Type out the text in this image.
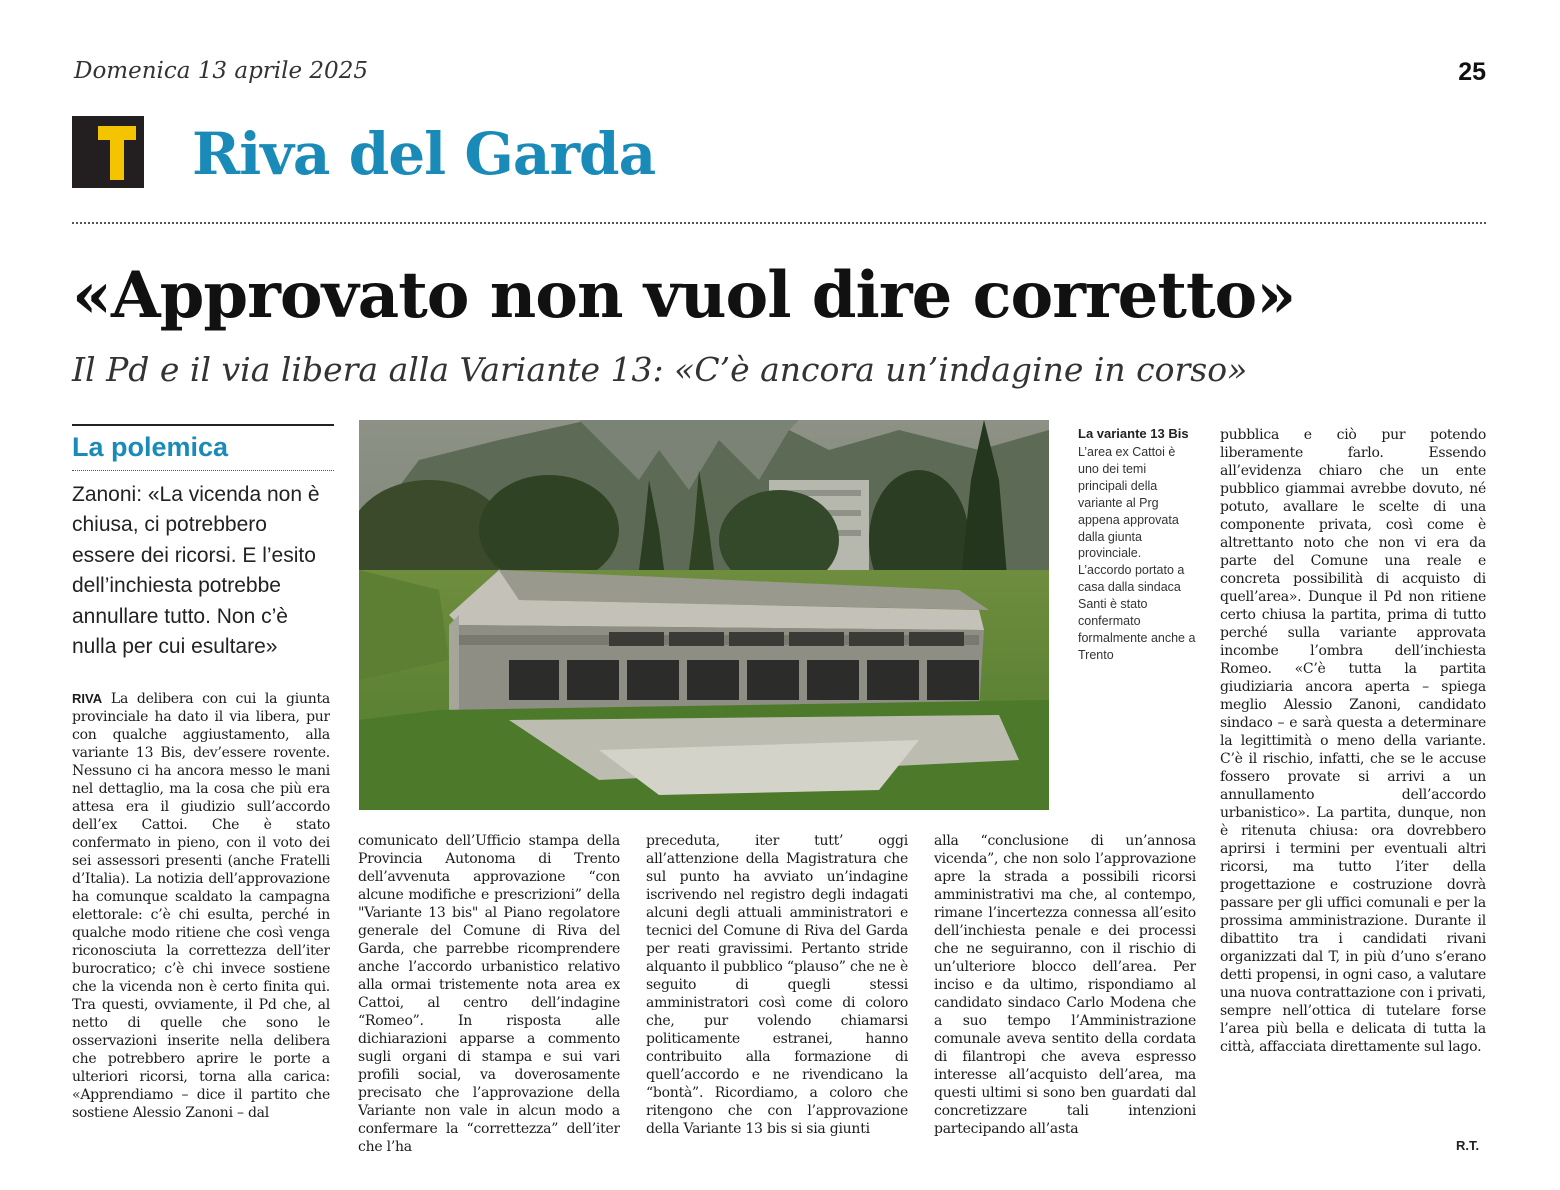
Domenica 13 aprile 2025	25
Riva del Garda
«Approvato non vuol dire corretto»
Il Pd e il via libera alla Variante 13: «C’è ancora un’indagine in corso»
La polemica
Zanoni: «La vicenda non è chiusa, ci potrebbero essere dei ricorsi. E l’esito dell’inchiesta potrebbe annullare tutto. Non c’è nulla per cui esultare»
La variante 13 Bis
L’area ex Cattoi è uno dei temi principali della variante al Prg appena approvata dalla giunta provinciale. L’accordo portato a casa dalla sindaca Santi è stato confermato formalmente anche a Trento
RIVA La delibera con cui la giunta provinciale ha dato il via libera, pur con qualche aggiustamento, alla variante 13 Bis, dev’essere rovente. Nessuno ci ha ancora messo le mani nel dettaglio, ma la cosa che più era attesa era il giudizio sull’accordo dell’ex Cattoi. Che è stato confermato in pieno, con il voto dei sei assessori presenti (anche Fratelli d’Italia). La notizia dell’approvazione ha comunque scaldato la campagna elettorale: c’è chi esulta, perché in qualche modo ritiene che così venga riconosciuta la correttezza dell’iter burocratico; c’è chi invece sostiene che la vicenda non è certo finita qui. Tra questi, ovviamente, il Pd che, al netto di quelle che sono le osservazioni inserite nella delibera che potrebbero aprire le porte a ulteriori ricorsi, torna alla carica: «Apprendiamo – dice il partito che sostiene Alessio Zanoni – dal
comunicato dell’Ufficio stampa della Provincia Autonoma di Trento dell’avvenuta approvazione “con alcune modifiche e prescrizioni” della "Variante 13 bis" al Piano regolatore generale del Comune di Riva del Garda, che parrebbe ricomprendere anche l’accordo urbanistico relativo alla ormai tristemente nota area ex Cattoi, al centro dell’indagine “Romeo”. In risposta alle dichiarazioni apparse a commento sugli organi di stampa e sui vari profili social, va doverosamente precisato che l’approvazione della Variante non vale in alcun modo a confermare la “correttezza” dell’iter che l’ha
preceduta, iter tutt’ oggi all’attenzione della Magistratura che sul punto ha avviato un’indagine iscrivendo nel registro degli indagati alcuni degli attuali amministratori e tecnici del Comune di Riva del Garda per reati gravissimi. Pertanto stride alquanto il pubblico “plauso” che ne è seguito di quegli stessi amministratori così come di coloro che, pur volendo chiamarsi politicamente estranei, hanno contribuito alla formazione di quell’accordo e ne rivendicano la “bontà”. Ricordiamo, a coloro che ritengono che con l’approvazione della Variante 13 bis si sia giunti
alla “conclusione di un’annosa vicenda”, che non solo l’approvazione apre la strada a possibili ricorsi amministrativi ma che, al contempo, rimane l’incertezza connessa all’esito dell’inchiesta penale e dei processi che ne seguiranno, con il rischio di un’ulteriore blocco dell’area. Per inciso e da ultimo, rispondiamo al candidato sindaco Carlo Modena che a suo tempo l’Amministrazione comunale aveva sentito della cordata di filantropi che aveva espresso interesse all’acquisto dell’area, ma questi ultimi si sono ben guardati dal concretizzare tali intenzioni partecipando all’asta
pubblica e ciò pur potendo liberamente farlo. Essendo all’evidenza chiaro che un ente pubblico giammai avrebbe dovuto, né potuto, avallare le scelte di una componente privata, così come è altrettanto noto che non vi era da parte del Comune una reale e concreta possibilità di acquisto di quell’area». Dunque il Pd non ritiene certo chiusa la partita, prima di tutto perché sulla variante approvata incombe l’ombra dell’inchiesta Romeo. «C’è tutta la partita giudiziaria ancora aperta – spiega meglio Alessio Zanoni, candidato sindaco – e sarà questa a determinare la legittimità o meno della variante. C’è il rischio, infatti, che se le accuse fossero provate si arrivi a un annullamento dell’accordo urbanistico». La partita, dunque, non è ritenuta chiusa: ora dovrebbero aprirsi i termini per eventuali altri ricorsi, ma tutto l’iter della progettazione e costruzione dovrà passare per gli uffici comunali e per la prossima amministrazione. Durante il dibattito tra i candidati rivani organizzati dal T, in più d’uno s’erano detti propensi, in ogni caso, a valutare una nuova contrattazione con i privati, sempre nell’ottica di tutelare forse l’area più bella e delicata di tutta la città, affacciata direttamente sul lago.
R.T.
